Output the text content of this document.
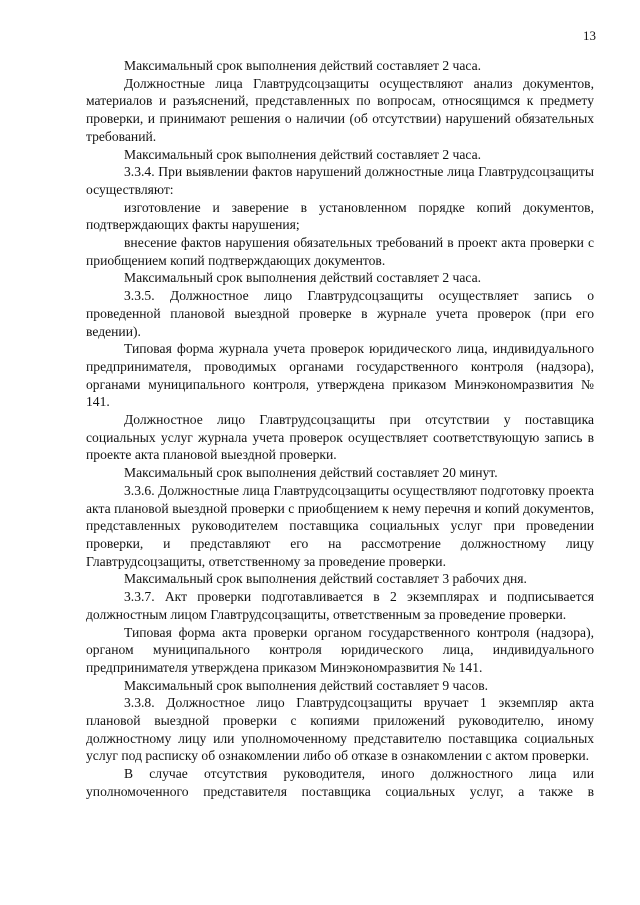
13

Максимальный срок выполнения действий составляет 2 часа.

Должностные лица Главтрудсоцзащиты осуществляют анализ документов, материалов и разъяснений, представленных по вопросам, относящимся к предмету проверки, и принимают решения о наличии (об отсутствии) нарушений обязательных требований.

Максимальный срок выполнения действий составляет 2 часа.

3.3.4. При выявлении фактов нарушений должностные лица Главтрудсоцзащиты осуществляют:

изготовление и заверение в установленном порядке копий документов, подтверждающих факты нарушения;

внесение фактов нарушения обязательных требований в проект акта проверки с приобщением копий подтверждающих документов.

Максимальный срок выполнения действий составляет 2 часа.

3.3.5. Должностное лицо Главтрудсоцзащиты осуществляет запись о проведенной плановой выездной проверке в журнале учета проверок (при его ведении).

Типовая форма журнала учета проверок юридического лица, индивидуального предпринимателя, проводимых органами государственного контроля (надзора), органами муниципального контроля, утверждена приказом Минэкономразвития № 141.

Должностное лицо Главтрудсоцзащиты при отсутствии у поставщика социальных услуг журнала учета проверок осуществляет соответствующую запись в проекте акта плановой выездной проверки.

Максимальный срок выполнения действий составляет 20 минут.

3.3.6. Должностные лица Главтрудсоцзащиты осуществляют подготовку проекта акта плановой выездной проверки с приобщением к нему перечня и копий документов, представленных руководителем поставщика социальных услуг при проведении проверки, и представляют его на рассмотрение должностному лицу Главтрудсоцзащиты, ответственному за проведение проверки.

Максимальный срок выполнения действий составляет 3 рабочих дня.

3.3.7. Акт проверки подготавливается в 2 экземплярах и подписывается должностным лицом Главтрудсоцзащиты, ответственным за проведение проверки.

Типовая форма акта проверки органом государственного контроля (надзора), органом муниципального контроля юридического лица, индивидуального предпринимателя утверждена приказом Минэкономразвития № 141.

Максимальный срок выполнения действий составляет 9 часов.

3.3.8. Должностное лицо Главтрудсоцзащиты вручает 1 экземпляр акта плановой выездной проверки с копиями приложений руководителю, иному должностному лицу или уполномоченному представителю поставщика социальных услуг под расписку об ознакомлении либо об отказе в ознакомлении с актом проверки.

В случае отсутствия руководителя, иного должностного лица или уполномоченного представителя поставщика социальных услуг, а также в
